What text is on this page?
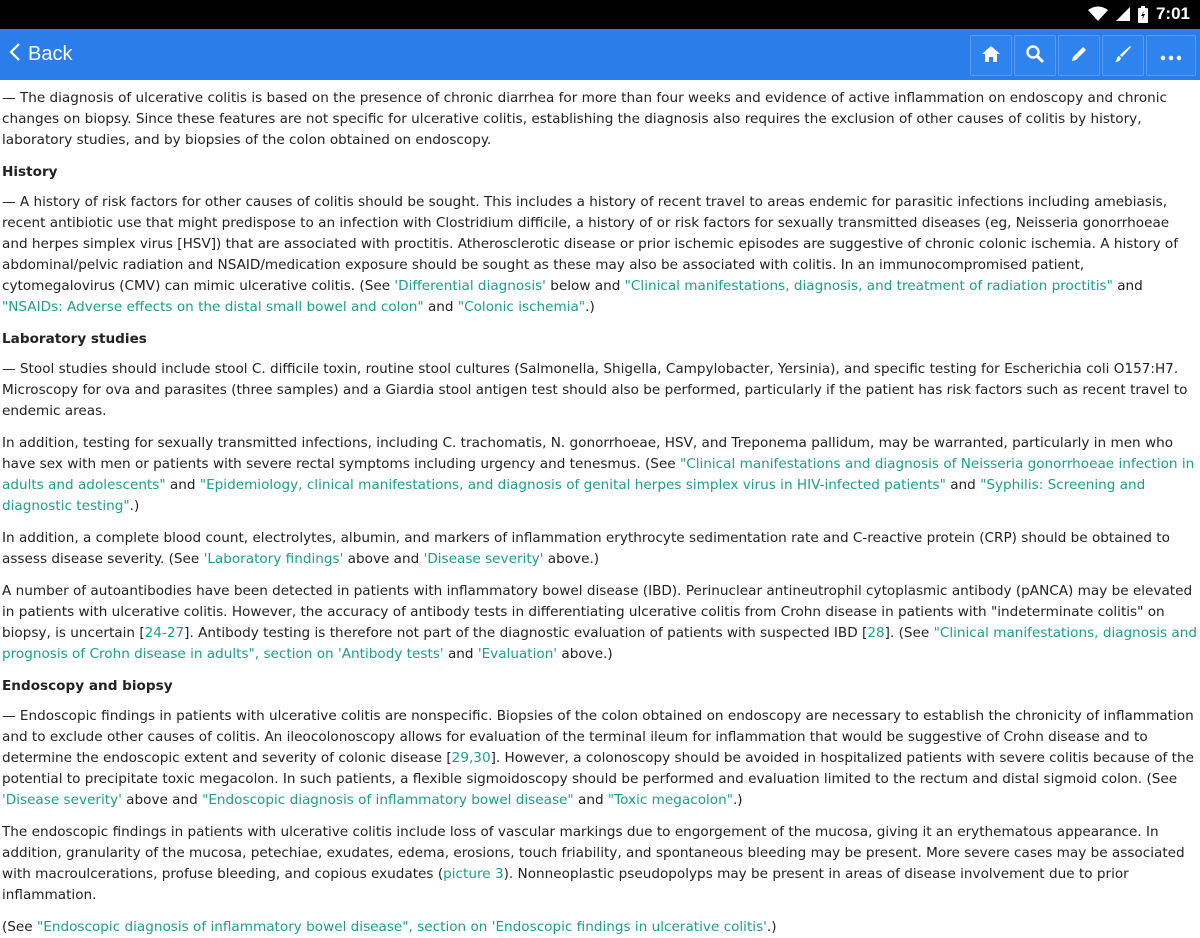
7:01
Back

— The diagnosis of ulcerative colitis is based on the presence of chronic diarrhea for more than four weeks and evidence of active inflammation on endoscopy and chronic changes on biopsy. Since these features are not specific for ulcerative colitis, establishing the diagnosis also requires the exclusion of other causes of colitis by history, laboratory studies, and by biopsies of the colon obtained on endoscopy.

History

— A history of risk factors for other causes of colitis should be sought. This includes a history of recent travel to areas endemic for parasitic infections including amebiasis, recent antibiotic use that might predispose to an infection with Clostridium difficile, a history of or risk factors for sexually transmitted diseases (eg, Neisseria gonorrhoeae and herpes simplex virus [HSV]) that are associated with proctitis. Atherosclerotic disease or prior ischemic episodes are suggestive of chronic colonic ischemia. A history of abdominal/pelvic radiation and NSAID/medication exposure should be sought as these may also be associated with colitis. In an immunocompromised patient, cytomegalovirus (CMV) can mimic ulcerative colitis. (See 'Differential diagnosis' below and "Clinical manifestations, diagnosis, and treatment of radiation proctitis" and "NSAIDs: Adverse effects on the distal small bowel and colon" and "Colonic ischemia".)

Laboratory studies

— Stool studies should include stool C. difficile toxin, routine stool cultures (Salmonella, Shigella, Campylobacter, Yersinia), and specific testing for Escherichia coli O157:H7. Microscopy for ova and parasites (three samples) and a Giardia stool antigen test should also be performed, particularly if the patient has risk factors such as recent travel to endemic areas.

In addition, testing for sexually transmitted infections, including C. trachomatis, N. gonorrhoeae, HSV, and Treponema pallidum, may be warranted, particularly in men who have sex with men or patients with severe rectal symptoms including urgency and tenesmus. (See "Clinical manifestations and diagnosis of Neisseria gonorrhoeae infection in adults and adolescents" and "Epidemiology, clinical manifestations, and diagnosis of genital herpes simplex virus in HIV-infected patients" and "Syphilis: Screening and diagnostic testing".)

In addition, a complete blood count, electrolytes, albumin, and markers of inflammation erythrocyte sedimentation rate and C-reactive protein (CRP) should be obtained to assess disease severity. (See 'Laboratory findings' above and 'Disease severity' above.)

A number of autoantibodies have been detected in patients with inflammatory bowel disease (IBD). Perinuclear antineutrophil cytoplasmic antibody (pANCA) may be elevated in patients with ulcerative colitis. However, the accuracy of antibody tests in differentiating ulcerative colitis from Crohn disease in patients with "indeterminate colitis" on biopsy, is uncertain [24-27]. Antibody testing is therefore not part of the diagnostic evaluation of patients with suspected IBD [28]. (See "Clinical manifestations, diagnosis and prognosis of Crohn disease in adults", section on 'Antibody tests' and 'Evaluation' above.)

Endoscopy and biopsy

— Endoscopic findings in patients with ulcerative colitis are nonspecific. Biopsies of the colon obtained on endoscopy are necessary to establish the chronicity of inflammation and to exclude other causes of colitis. An ileocolonoscopy allows for evaluation of the terminal ileum for inflammation that would be suggestive of Crohn disease and to determine the endoscopic extent and severity of colonic disease [29,30]. However, a colonoscopy should be avoided in hospitalized patients with severe colitis because of the potential to precipitate toxic megacolon. In such patients, a flexible sigmoidoscopy should be performed and evaluation limited to the rectum and distal sigmoid colon. (See 'Disease severity' above and "Endoscopic diagnosis of inflammatory bowel disease" and "Toxic megacolon".)

The endoscopic findings in patients with ulcerative colitis include loss of vascular markings due to engorgement of the mucosa, giving it an erythematous appearance. In addition, granularity of the mucosa, petechiae, exudates, edema, erosions, touch friability, and spontaneous bleeding may be present. More severe cases may be associated with macroulcerations, profuse bleeding, and copious exudates (picture 3). Nonneoplastic pseudopolyps may be present in areas of disease involvement due to prior inflammation.

(See "Endoscopic diagnosis of inflammatory bowel disease", section on 'Endoscopic findings in ulcerative colitis'.)
